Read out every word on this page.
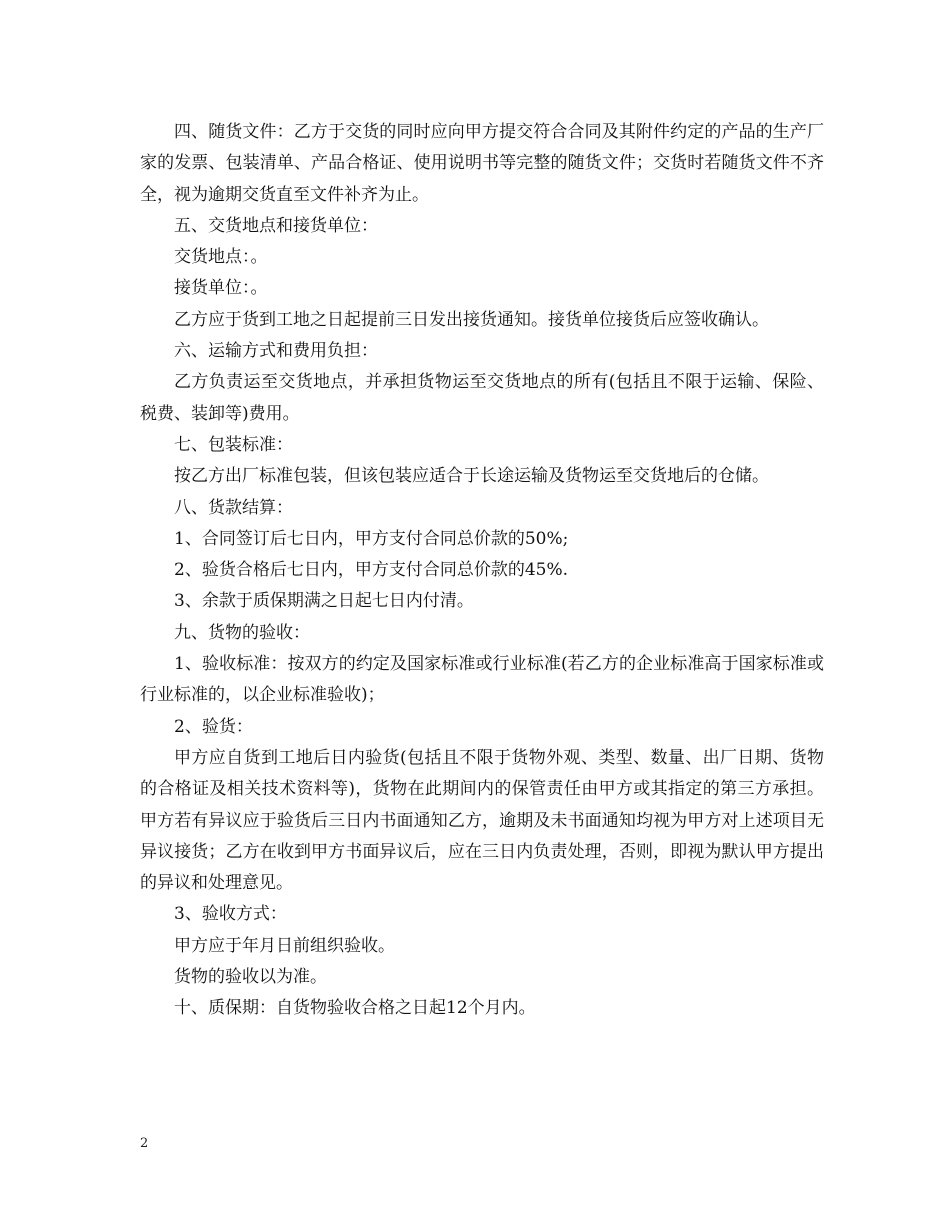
四、随货文件：乙方于交货的同时应向甲方提交符合合同及其附件约定的产品的生产厂家的发票、包装清单、产品合格证、使用说明书等完整的随货文件；交货时若随货文件不齐全，视为逾期交货直至文件补齐为止。

五、交货地点和接货单位：

交货地点：。

接货单位：。

乙方应于货到工地之日起提前三日发出接货通知。接货单位接货后应签收确认。

六、运输方式和费用负担：

乙方负责运至交货地点，并承担货物运至交货地点的所有(包括且不限于运输、保险、税费、装卸等)费用。

七、包装标准：

按乙方出厂标准包装，但该包装应适合于长途运输及货物运至交货地后的仓储。

八、货款结算：

1、合同签订后七日内，甲方支付合同总价款的50%;

2、验货合格后七日内，甲方支付合同总价款的45%.

3、余款于质保期满之日起七日内付清。

九、货物的验收：

1、验收标准：按双方的约定及国家标准或行业标准(若乙方的企业标准高于国家标准或行业标准的，以企业标准验收)；

2、验货：

甲方应自货到工地后日内验货(包括且不限于货物外观、类型、数量、出厂日期、货物的合格证及相关技术资料等)，货物在此期间内的保管责任由甲方或其指定的第三方承担。甲方若有异议应于验货后三日内书面通知乙方，逾期及未书面通知均视为甲方对上述项目无异议接货；乙方在收到甲方书面异议后，应在三日内负责处理，否则，即视为默认甲方提出的异议和处理意见。

3、验收方式：

甲方应于年月日前组织验收。

货物的验收以为准。

十、质保期：自货物验收合格之日起12个月内。

2
